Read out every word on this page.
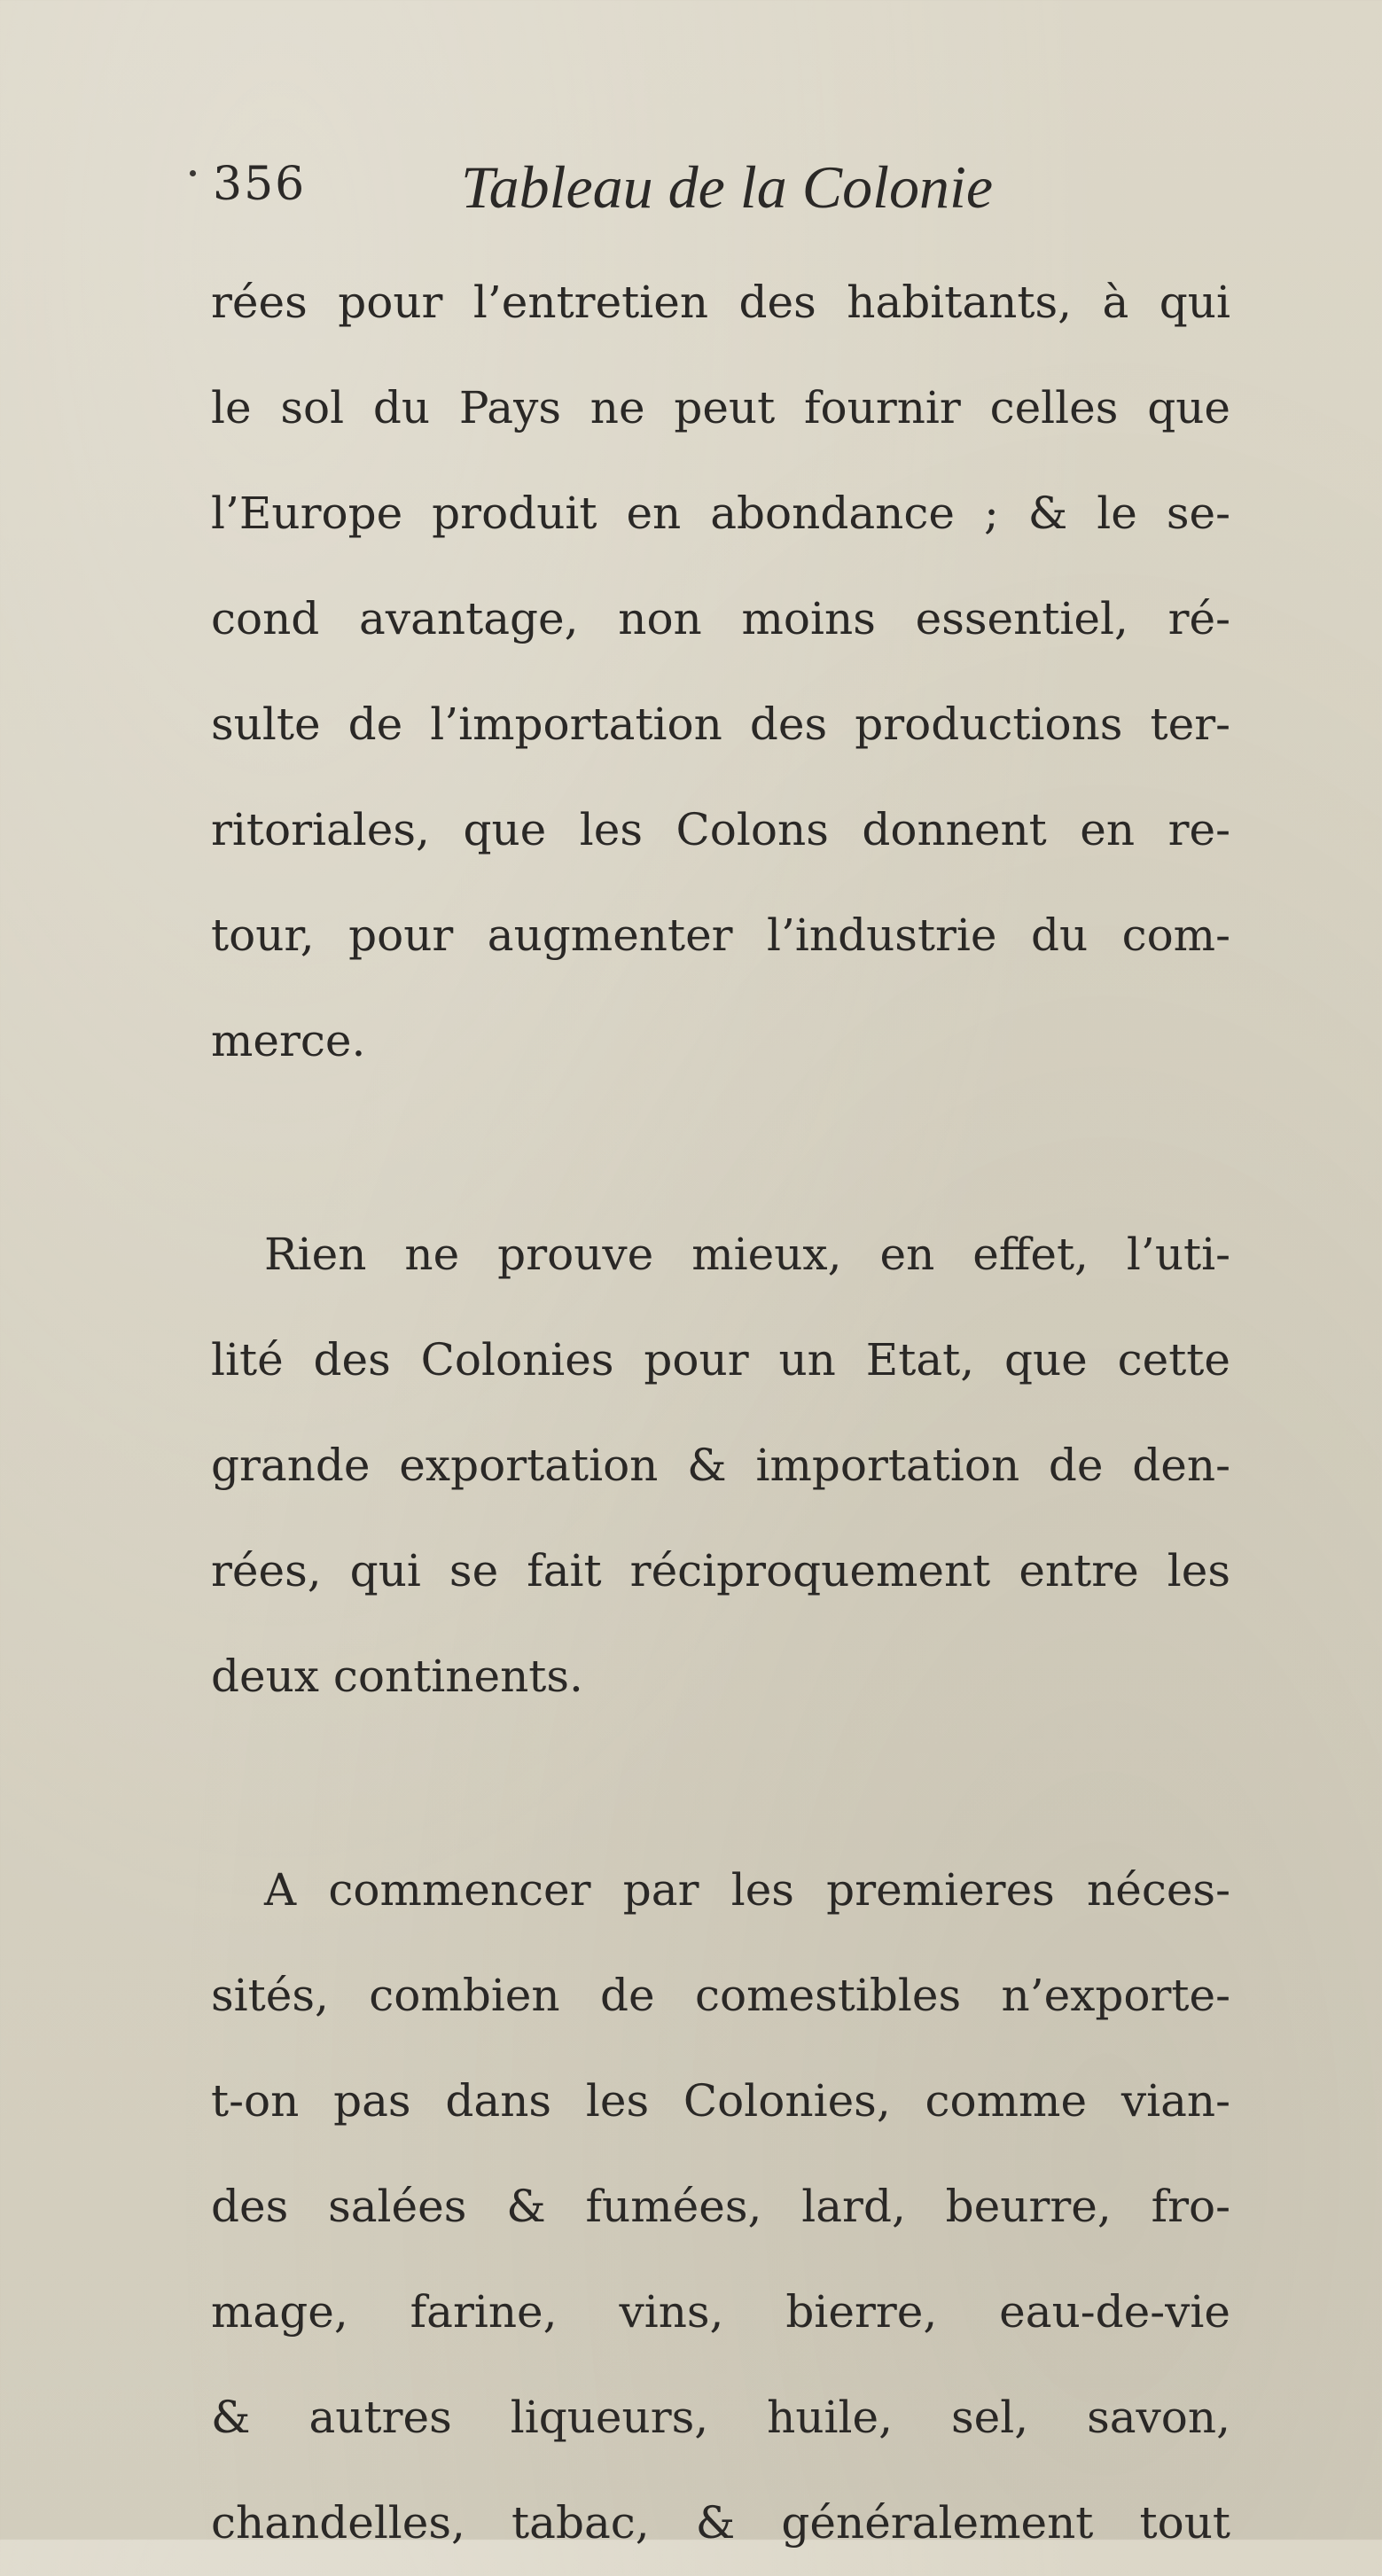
356	Tableau de la Colonie
rées pour l’entretien des habitants, à qui
le sol du Pays ne peut fournir celles que
l’Europe produit en abondance ; & le se-
cond avantage, non moins essentiel, ré-
sulte de l’importation des productions ter-
ritoriales, que les Colons donnent en re-
tour, pour augmenter l’industrie du com-
merce.
Rien ne prouve mieux, en effet, l’uti-
lité des Colonies pour un Etat, que cette
grande exportation & importation de den-
rées, qui se fait réciproquement entre les
deux continents.
A commencer par les premieres néces-
sités, combien de comestibles n’exporte-
t-on pas dans les Colonies, comme vian-
des salées & fumées, lard, beurre, fro-
mage, farine, vins, bierre, eau-de-vie
& autres liqueurs, huile, sel, savon,
chandelles, tabac, & généralement tout
